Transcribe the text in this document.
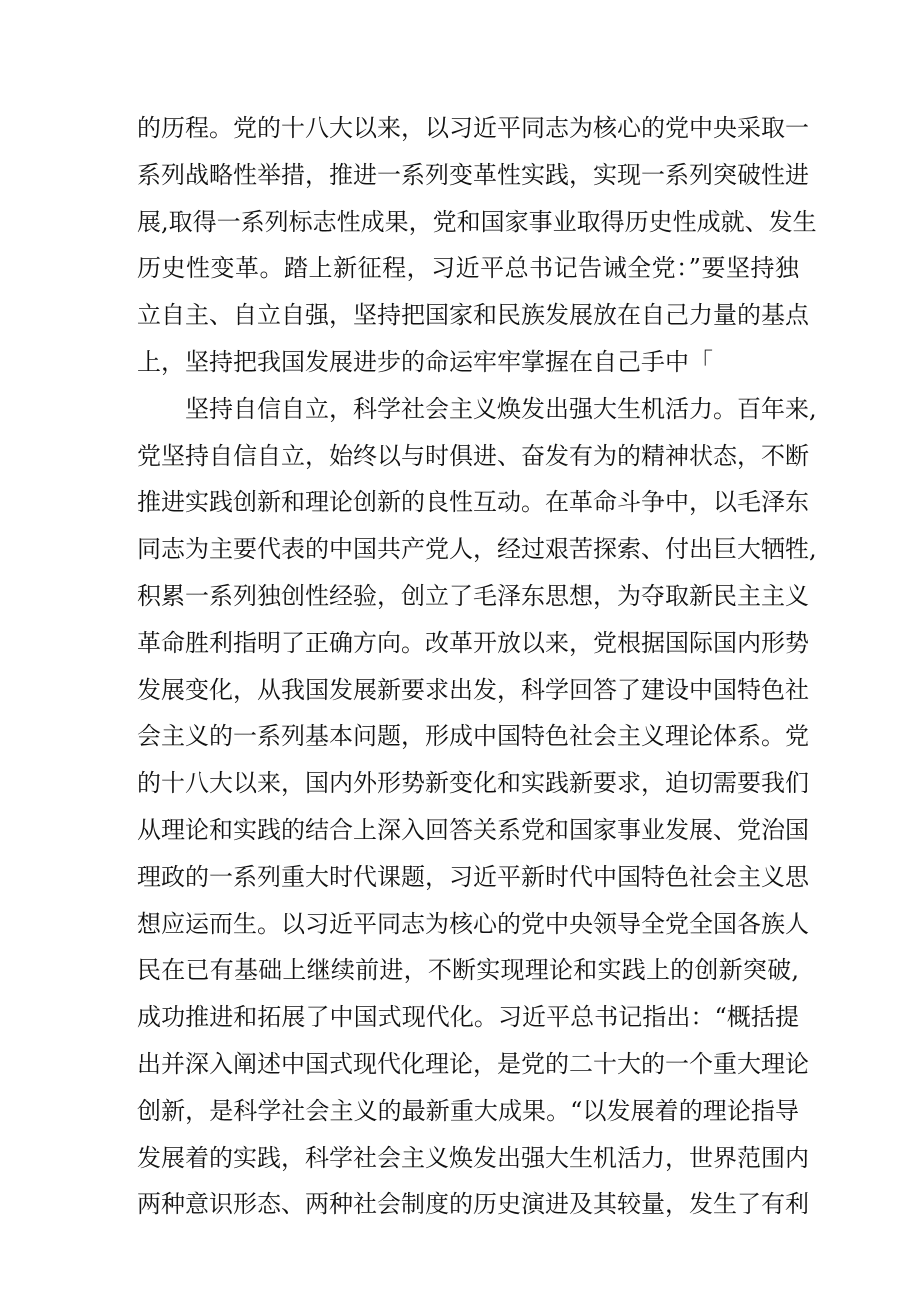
的历程。党的十八大以来，以习近平同志为核心的党中央采取一
系列战略性举措，推进一系列变革性实践，实现一系列突破性进
展,取得一系列标志性成果，党和国家事业取得历史性成就、发生
历史性变革。踏上新征程，习近平总书记告诫全党：”要坚持独
立自主、自立自强，坚持把国家和民族发展放在自己力量的基点
上，坚持把我国发展进步的命运牢牢掌握在自己手中「
坚持自信自立，科学社会主义焕发出强大生机活力。百年来,
党坚持自信自立，始终以与时俱进、奋发有为的精神状态，不断
推进实践创新和理论创新的良性互动。在革命斗争中，以毛泽东
同志为主要代表的中国共产党人，经过艰苦探索、付出巨大牺牲,
积累一系列独创性经验，创立了毛泽东思想，为夺取新民主主义
革命胜利指明了正确方向。改革开放以来，党根据国际国内形势
发展变化，从我国发展新要求出发，科学回答了建设中国特色社
会主义的一系列基本问题，形成中国特色社会主义理论体系。党
的十八大以来，国内外形势新变化和实践新要求，迫切需要我们
从理论和实践的结合上深入回答关系党和国家事业发展、党治国
理政的一系列重大时代课题，习近平新时代中国特色社会主义思
想应运而生。以习近平同志为核心的党中央领导全党全国各族人
民在已有基础上继续前进，不断实现理论和实践上的创新突破,
成功推进和拓展了中国式现代化。习近平总书记指出：“概括提
出并深入阐述中国式现代化理论，是党的二十大的一个重大理论
创新，是科学社会主义的最新重大成果。“以发展着的理论指导
发展着的实践，科学社会主义焕发出强大生机活力，世界范围内
两种意识形态、两种社会制度的历史演进及其较量，发生了有利
